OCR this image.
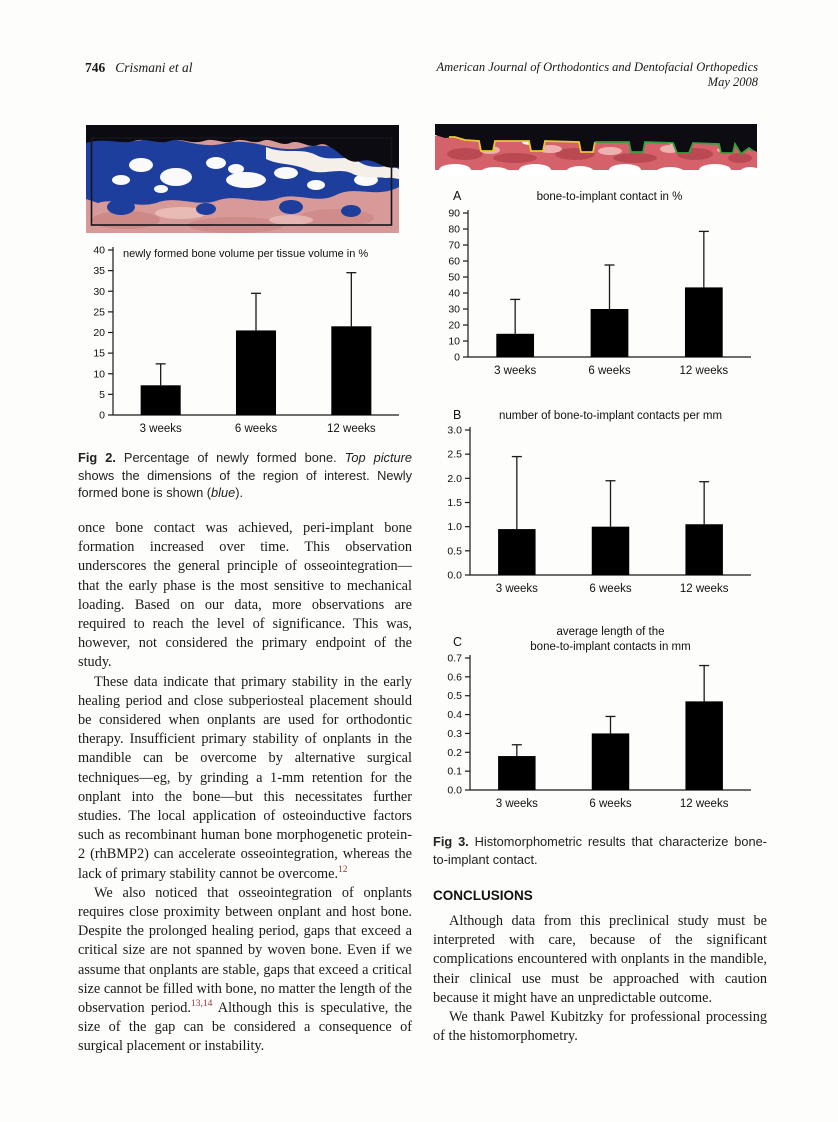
746 Crismani et al	American Journal of Orthodontics and Dentofacial Orthopedics
May 2008
0
5
10
15
20
25
30
35
40 newly formed bone volume per tissue volume in %
3 weeks	6 weeks	12 weeks
Fig 2. Percentage of newly formed bone. Top picture shows the dimensions of the region of interest. Newly formed bone is shown (blue).

once bone contact was achieved, peri-implant bone formation increased over time. This observation underscores the general principle of osseointegration—that the early phase is the most sensitive to mechanical loading. Based on our data, more observations are required to reach the level of significance. This was, however, not considered the primary endpoint of the study.

These data indicate that primary stability in the early healing period and close subperiosteal placement should be considered when onplants are used for orthodontic therapy. Insufficient primary stability of onplants in the mandible can be overcome by alternative surgical techniques—eg, by grinding a 1-mm retention for the onplant into the bone—but this necessitates further studies. The local application of osteoinductive factors such as recombinant human bone morphogenetic protein-2 (rhBMP2) can accelerate osseointegration, whereas the lack of primary stability cannot be overcome.$^{12}$

We also noticed that osseointegration of onplants requires close proximity between onplant and host bone. Despite the prolonged healing period, gaps that exceed a critical size are not spanned by woven bone. Even if we assume that onplants are stable, gaps that exceed a critical size cannot be filled with bone, no matter the length of the observation period.$^{13,14}$ Although this is speculative, the size of the gap can be considered a consequence of surgical placement or instability.

0
10
20
30
40
50
60
70
80
90
bone-to-implant contact in %
A
3 weeks	6 weeks	12 weeks
0.0
0.5
1.0
1.5
2.0
2.5
3.0
number of bone-to-implant contacts per mm
B
3 weeks	6 weeks	12 weeks
0.0
0.1
0.2
0.3
0.4
0.5
0.6
0.7
average length of the
bone-to-implant contacts in mm
C
3 weeks	6 weeks	12 weeks
Fig 3. Histomorphometric results that characterize bone-to-implant contact.
CONCLUSIONS

Although data from this preclinical study must be interpreted with care, because of the significant complications encountered with onplants in the mandible, their clinical use must be approached with caution because it might have an unpredictable outcome.

We thank Pawel Kubitzky for professional processing of the histomorphometry.
